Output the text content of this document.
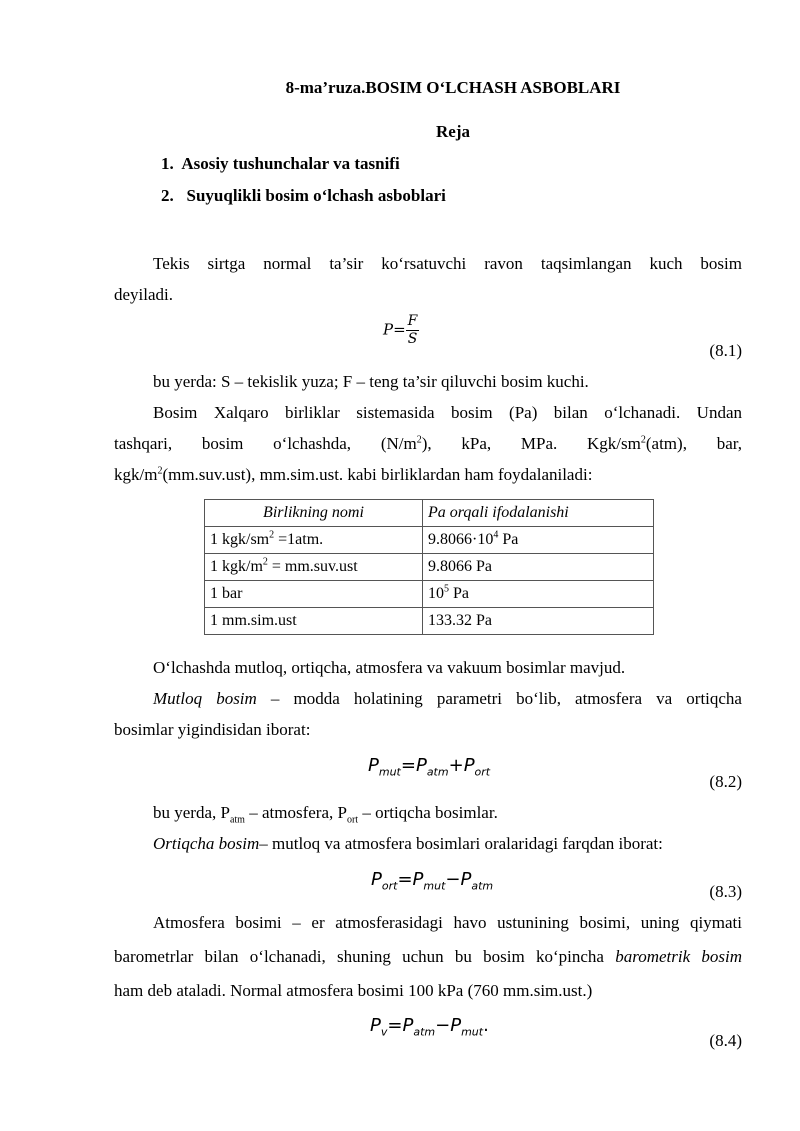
8-ma’ruza.BOSIM O‘LCHASH ASBOBLARI
Reja
1. Asosiy tushunchalar va tasnifi
2. Suyuqlikli bosim o‘lchash asboblari
Tekis sirtga normal ta’sir ko‘rsatuvchi ravon taqsimlangan kuch bosim
deyiladi.
$P= \frac{F}{S}$
(8.1)
bu yerda: S – tekislik yuza; F – teng ta’sir qiluvchi bosim kuchi.
Bosim Xalqaro birliklar sistemasida bosim (Pa) bilan o‘lchanadi. Undan
tashqari, bosim o‘lchashda, $(N/m^2)$, kPa, MPa. Kgk/$sm^2(atm)$, bar,
kgk/$m^2(mm.suv.ust)$, mm.sim.ust. kabi birliklardan ham foydalaniladi:
Birlikning nomi	Pa orqali ifodalanishi
1 kgk/$sm^2 =1atm$.	$9.8066\cdot 10^4$ Pa
1 kgk/$m^2 = mm.suv.ust$	9.8066 Pa
1 bar	$10^5$ Pa
1 mm.sim.ust	133.32 Pa
O‘lchashda mutloq, ortiqcha, atmosfera va vakuum bosimlar mavjud.
Mutloq bosim – modda holatining parametri bo‘lib, atmosfera va ortiqcha
bosimlar yigindisidan iborat:
$P_{mut}=P_{atm}+P_{ort}$	(8.2)
bu yerda, $P_{atm}$ – atmosfera, $P_{ort}$ – ortiqcha bosimlar.
Ortiqcha bosim– mutloq va atmosfera bosimlari oralaridagi farqdan iborat:
$P_{ort}=P_{mut}-P_{atm}$	(8.3)
Atmosfera bosimi – er atmosferasidagi havo ustunining bosimi, uning qiymati
barometrlar bilan o‘lchanadi, shuning uchun bu bosim ko‘pincha barometrik bosim
ham deb ataladi. Normal atmosfera bosimi 100 kPa (760 mm.sim.ust.)
$P_v=P_{atm}-P_{mut}$.
(8.4)
